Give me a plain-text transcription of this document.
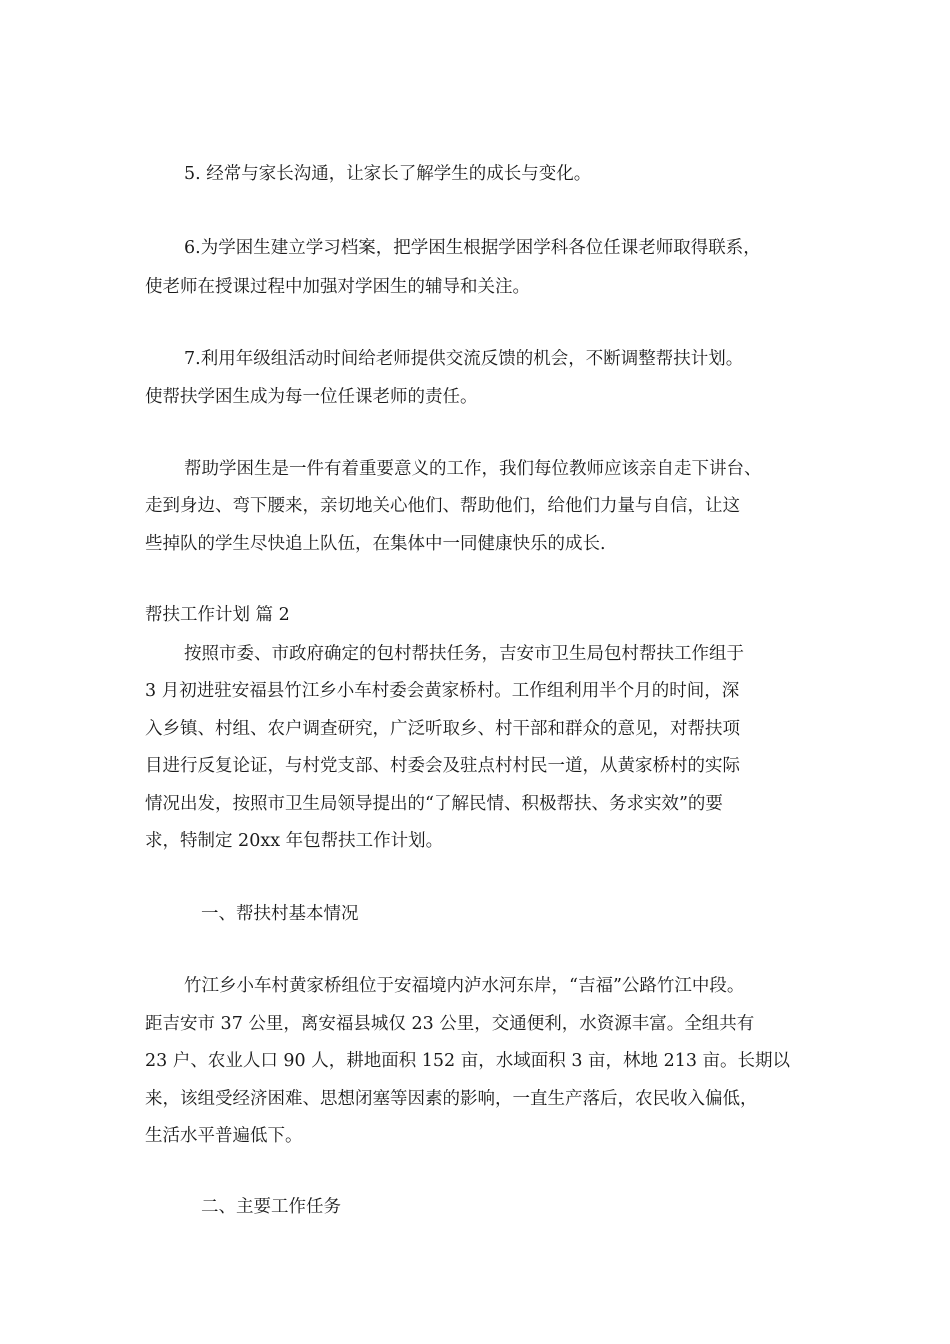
5. 经常与家长沟通，让家长了解学生的成长与变化。
6.为学困生建立学习档案，把学困生根据学困学科各位任课老师取得联系，
使老师在授课过程中加强对学困生的辅导和关注。
7.利用年级组活动时间给老师提供交流反馈的机会，不断调整帮扶计划。
使帮扶学困生成为每一位任课老师的责任。
帮助学困生是一件有着重要意义的工作，我们每位教师应该亲自走下讲台、
走到身边、弯下腰来，亲切地关心他们、帮助他们，给他们力量与自信，让这
些掉队的学生尽快追上队伍，在集体中一同健康快乐的成长.
帮扶工作计划 篇 2
按照市委、市政府确定的包村帮扶任务，吉安市卫生局包村帮扶工作组于
3 月初进驻安福县竹江乡小车村委会黄家桥村。工作组利用半个月的时间，深
入乡镇、村组、农户调查研究，广泛听取乡、村干部和群众的意见，对帮扶项
目进行反复论证，与村党支部、村委会及驻点村村民一道，从黄家桥村的实际
情况出发，按照市卫生局领导提出的“了解民情、积极帮扶、务求实效”的要
求，特制定 20xx 年包帮扶工作计划。
一、帮扶村基本情况
竹江乡小车村黄家桥组位于安福境内泸水河东岸，“吉福”公路竹江中段。
距吉安市 37 公里，离安福县城仅 23 公里，交通便利，水资源丰富。全组共有
23 户、农业人口 90 人，耕地面积 152 亩，水域面积 3 亩，林地 213 亩。长期以
来，该组受经济困难、思想闭塞等因素的影响，一直生产落后，农民收入偏低，
生活水平普遍低下。
二、主要工作任务
